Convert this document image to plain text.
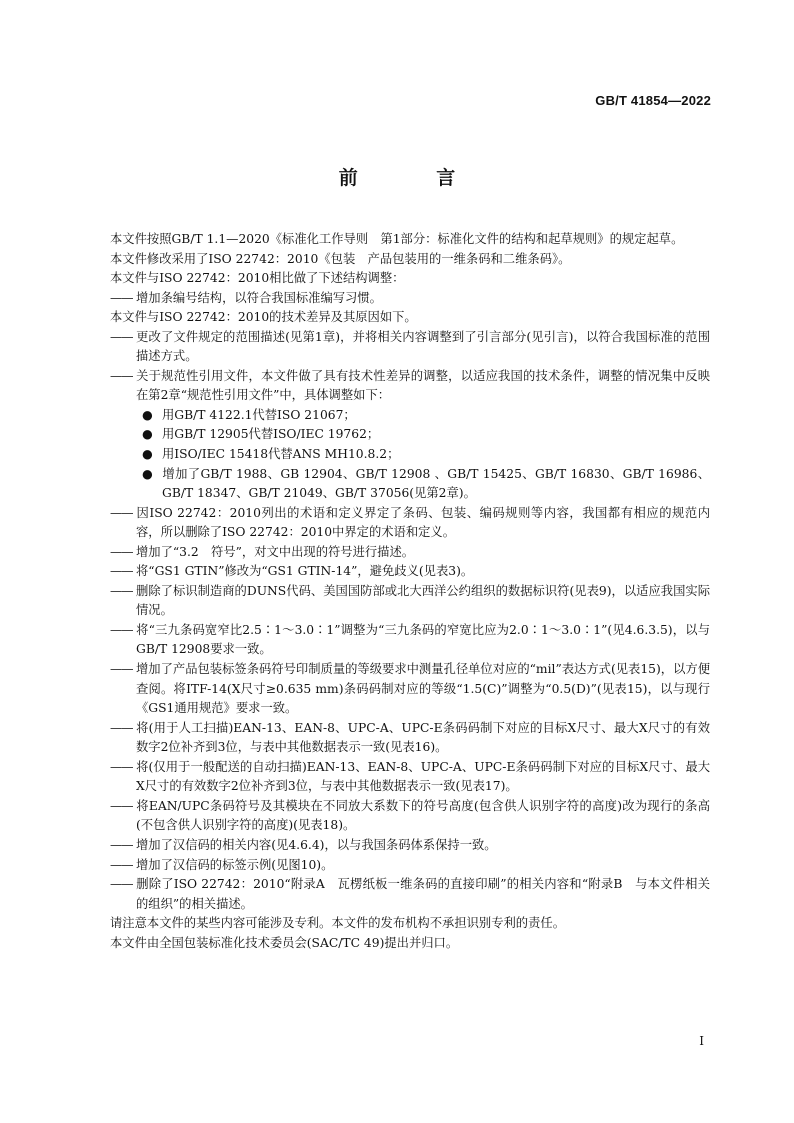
GB/T 41854—2022
前 言

本文件按照GB/T 1.1—2020《标准化工作导则　第1部分：标准化文件的结构和起草规则》的规定起草。

本文件修改采用了ISO 22742：2010《包装　产品包装用的一维条码和二维条码》。

本文件与ISO 22742：2010相比做了下述结构调整：

—— 增加条编号结构，以符合我国标准编写习惯。

本文件与ISO 22742：2010的技术差异及其原因如下。

—— 更改了文件规定的范围描述(见第1章)，并将相关内容调整到了引言部分(见引言)，以符合我国标准的范围描述方式。

—— 关于规范性引用文件，本文件做了具有技术性差异的调整，以适应我国的技术条件，调整的情况集中反映在第2章“规范性引用文件”中，具体调整如下：

● 用GB/T 4122.1代替ISO 21067；

● 用GB/T 12905代替ISO/IEC 19762；

● 用ISO/IEC 15418代替ANS MH10.8.2；

● 增加了GB/T 1988、GB 12904、GB/T 12908 、GB/T 15425、GB/T 16830、GB/T 16986、GB/T 18347、GB/T 21049、GB/T 37056(见第2章)。

—— 因ISO 22742：2010列出的术语和定义界定了条码、包装、编码规则等内容，我国都有相应的规范内容，所以删除了ISO 22742：2010中界定的术语和定义。

—— 增加了“3.2　符号”，对文中出现的符号进行描述。

—— 将“GS1 GTIN”修改为“GS1 GTIN-14”，避免歧义(见表3)。

—— 删除了标识制造商的DUNS代码、美国国防部或北大西洋公约组织的数据标识符(见表9)，以适应我国实际情况。

—— 将“三九条码宽窄比2.5∶1～3.0∶1”调整为“三九条码的窄宽比应为2.0∶1～3.0∶1”(见4.6.3.5)，以与GB/T 12908要求一致。

—— 增加了产品包装标签条码符号印制质量的等级要求中测量孔径单位对应的“mil”表达方式(见表15)，以方便查阅。将ITF-14(X尺寸≥0.635 mm)条码码制对应的等级“1.5(C)”调整为“0.5(D)”(见表15)，以与现行《GS1通用规范》要求一致。

—— 将(用于人工扫描)EAN-13、EAN-8、UPC-A、UPC-E条码码制下对应的目标X尺寸、最大X尺寸的有效数字2位补齐到3位，与表中其他数据表示一致(见表16)。

—— 将(仅用于一般配送的自动扫描)EAN-13、EAN-8、UPC-A、UPC-E条码码制下对应的目标X尺寸、最大X尺寸的有效数字2位补齐到3位，与表中其他数据表示一致(见表17)。

—— 将EAN/UPC条码符号及其模块在不同放大系数下的符号高度(包含供人识别字符的高度)改为现行的条高(不包含供人识别字符的高度)(见表18)。

—— 增加了汉信码的相关内容(见4.6.4)，以与我国条码体系保持一致。

—— 增加了汉信码的标签示例(见图10)。

—— 删除了ISO 22742：2010“附录A　瓦楞纸板一维条码的直接印刷”的相关内容和“附录B　与本文件相关的组织”的相关描述。

请注意本文件的某些内容可能涉及专利。本文件的发布机构不承担识别专利的责任。

本文件由全国包装标准化技术委员会(SAC/TC 49)提出并归口。

I
